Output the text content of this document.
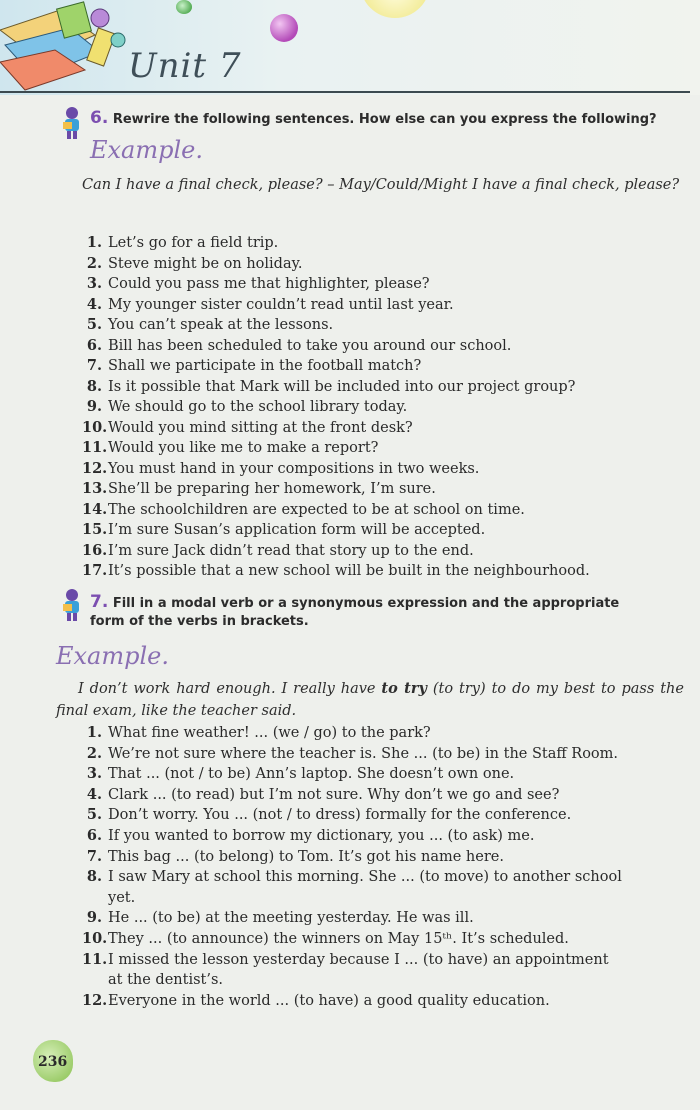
Unit 7
6. Rewrire the following sentences. How else can you express the following?
Example.
Can I have a final check, please? – May/Could/Might I have a final check, please?
1. Let’s go for a field trip.
2. Steve might be on holiday.
3. Could you pass me that highlighter, please?
4. My younger sister couldn’t read until last year.
5. You can’t speak at the lessons.
6. Bill has been scheduled to take you around our school.
7. Shall we participate in the football match?
8. Is it possible that Mark will be included into our project group?
9. We should go to the school library today.
10. Would you mind sitting at the front desk?
11. Would you like me to make a report?
12. You must hand in your compositions in two weeks.
13. She’ll be preparing her homework, I’m sure.
14. The schoolchildren are expected to be at school on time.
15. I’m sure Susan’s application form will be accepted.
16. I’m sure Jack didn’t read that story up to the end.
17. It’s possible that a new school will be built in the neighbourhood.
7. Fill in a modal verb or a synonymous expression and the appropriate
form of the verbs in brackets.
Example.
I don’t work hard enough. I really have to try (to try) to do my best to pass the final exam, like the teacher said.
1. What fine weather! ... (we / go) to the park?
2. We’re not sure where the teacher is. She ... (to be) in the Staff Room.
3. That ... (not / to be) Ann’s laptop. She doesn’t own one.
4. Clark ... (to read) but I’m not sure. Why don’t we go and see?
5. Don’t worry. You ... (not / to dress) formally for the conference.
6. If you wanted to borrow my dictionary, you ... (to ask) me.
7. This bag ... (to belong) to Tom. It’s got his name here.
8. I saw Mary at school this morning. She ... (to move) to another school
yet.
9. He ... (to be) at the meeting yesterday. He was ill.
10. They ... (to announce) the winners on May 15ᵗʰ. It’s scheduled.
11. I missed the lesson yesterday because I ... (to have) an appointment
at the dentist’s.
12. Everyone in the world ... (to have) a good quality education.
236
